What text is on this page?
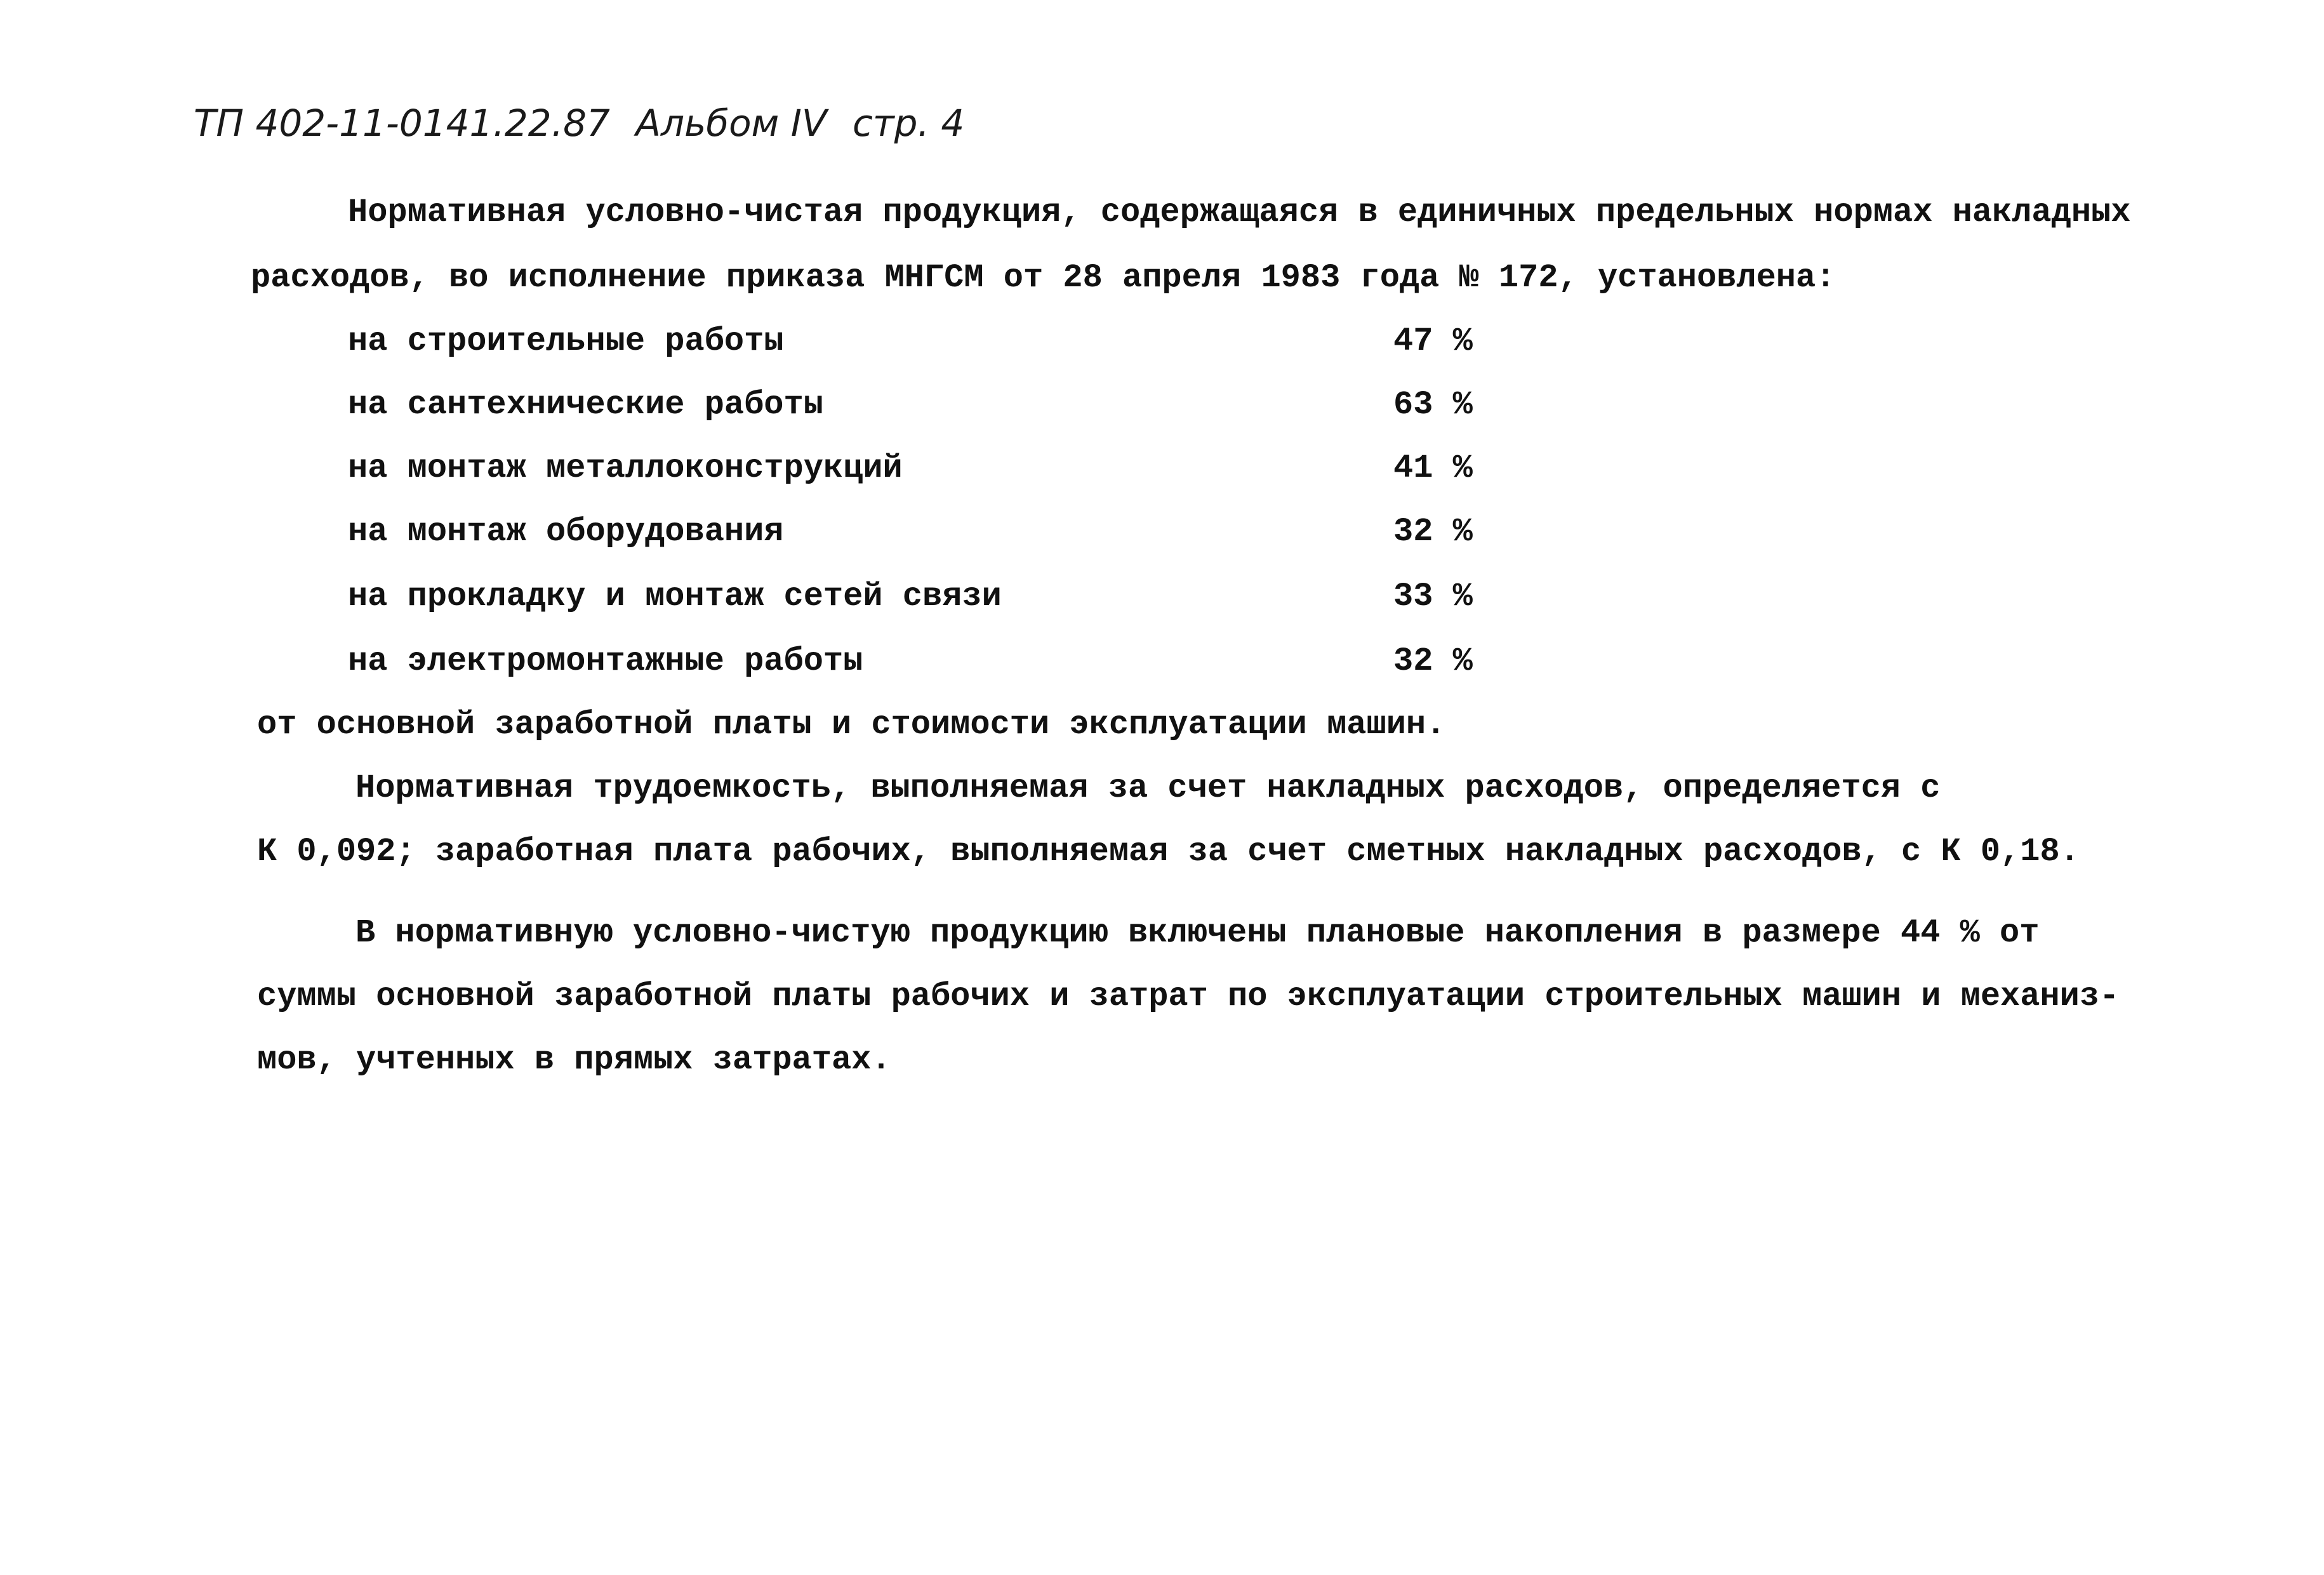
ТП 402-11-0141.22.87 Альбом IV стр. 4
Нормативная условно-чистая продукция, содержащаяся в единичных предельных нормах накладных
расходов, во исполнение приказа МНГСМ от 28 апреля 1983 года № 172, установлена:
на строительные работы	47 %
на сантехнические работы	63 %
на монтаж металлоконструкций	41 %
на монтаж оборудования	32 %
на прокладку и монтаж сетей связи	33 %
на электромонтажные работы	32 %
от основной заработной платы и стоимости эксплуатации машин.
Нормативная трудоемкость, выполняемая за счет накладных расходов, определяется с
К 0,092; заработная плата рабочих, выполняемая за счет сметных накладных расходов, с К 0,18.
В нормативную условно-чистую продукцию включены плановые накопления в размере 44 % от
суммы основной заработной платы рабочих и затрат по эксплуатации строительных машин и механиз-
мов, учтенных в прямых затратах.
